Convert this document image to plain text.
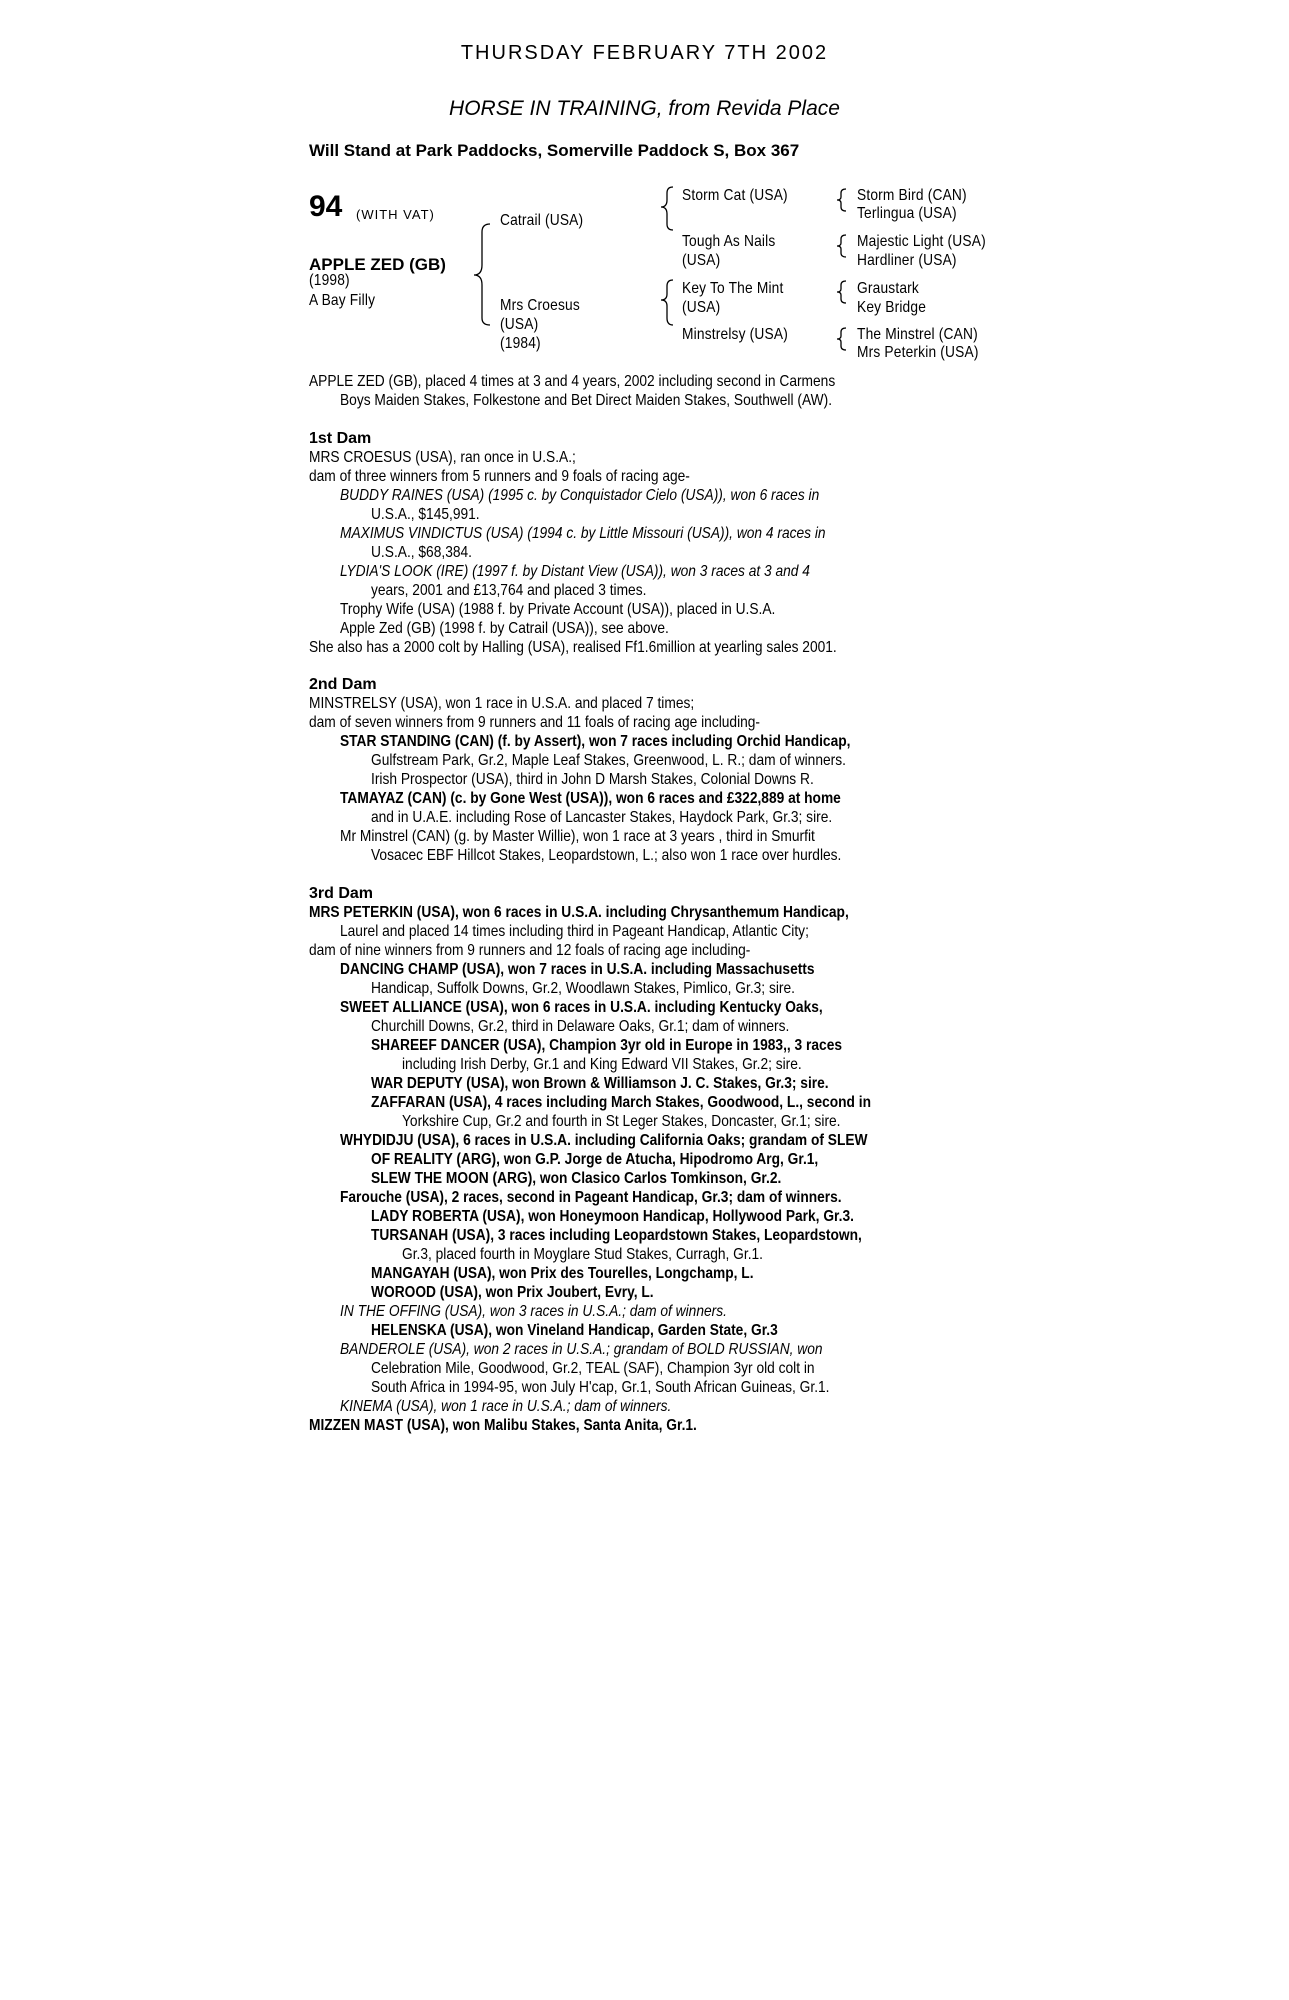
THURSDAY FEBRUARY 7TH 2002
HORSE IN TRAINING, from Revida Place
Will Stand at Park Paddocks, Somerville Paddock S, Box 367
94 (WITH VAT)
APPLE ZED (GB)
(1998)
A Bay Filly
Catrail (USA)
Mrs Croesus
(USA)
(1984)
Storm Cat (USA)
Tough As Nails
(USA)
Key To The Mint
(USA)
Minstrelsy (USA)
Storm Bird (CAN)
Terlingua (USA)
Majestic Light (USA)
Hardliner (USA)
Graustark
Key Bridge
The Minstrel (CAN)
Mrs Peterkin (USA)
APPLE ZED (GB), placed 4 times at 3 and 4 years, 2002 including second in Carmens
Boys Maiden Stakes, Folkestone and Bet Direct Maiden Stakes, Southwell (AW).
1st Dam
MRS CROESUS (USA), ran once in U.S.A.;
dam of three winners from 5 runners and 9 foals of racing age-
BUDDY RAINES (USA) (1995 c. by Conquistador Cielo (USA)), won 6 races in
U.S.A., $145,991.
MAXIMUS VINDICTUS (USA) (1994 c. by Little Missouri (USA)), won 4 races in
U.S.A., $68,384.
LYDIA'S LOOK (IRE) (1997 f. by Distant View (USA)), won 3 races at 3 and 4
years, 2001 and £13,764 and placed 3 times.
Trophy Wife (USA) (1988 f. by Private Account (USA)), placed in U.S.A.
Apple Zed (GB) (1998 f. by Catrail (USA)), see above.
She also has a 2000 colt by Halling (USA), realised Ff1.6million at yearling sales 2001.
2nd Dam
MINSTRELSY (USA), won 1 race in U.S.A. and placed 7 times;
dam of seven winners from 9 runners and 11 foals of racing age including-
STAR STANDING (CAN) (f. by Assert), won 7 races including Orchid Handicap,
Gulfstream Park, Gr.2, Maple Leaf Stakes, Greenwood, L. R.; dam of winners.
Irish Prospector (USA), third in John D Marsh Stakes, Colonial Downs R.
TAMAYAZ (CAN) (c. by Gone West (USA)), won 6 races and £322,889 at home
and in U.A.E. including Rose of Lancaster Stakes, Haydock Park, Gr.3; sire.
Mr Minstrel (CAN) (g. by Master Willie), won 1 race at 3 years , third in Smurfit
Vosacec EBF Hillcot Stakes, Leopardstown, L.; also won 1 race over hurdles.
3rd Dam
MRS PETERKIN (USA), won 6 races in U.S.A. including Chrysanthemum Handicap,
Laurel and placed 14 times including third in Pageant Handicap, Atlantic City;
dam of nine winners from 9 runners and 12 foals of racing age including-
DANCING CHAMP (USA), won 7 races in U.S.A. including Massachusetts
Handicap, Suffolk Downs, Gr.2, Woodlawn Stakes, Pimlico, Gr.3; sire.
SWEET ALLIANCE (USA), won 6 races in U.S.A. including Kentucky Oaks,
Churchill Downs, Gr.2, third in Delaware Oaks, Gr.1; dam of winners.
SHAREEF DANCER (USA), Champion 3yr old in Europe in 1983,, 3 races
including Irish Derby, Gr.1 and King Edward VII Stakes, Gr.2; sire.
WAR DEPUTY (USA), won Brown & Williamson J. C. Stakes, Gr.3; sire.
ZAFFARAN (USA), 4 races including March Stakes, Goodwood, L., second in
Yorkshire Cup, Gr.2 and fourth in St Leger Stakes, Doncaster, Gr.1; sire.
WHYDIDJU (USA), 6 races in U.S.A. including California Oaks; grandam of SLEW
OF REALITY (ARG), won G.P. Jorge de Atucha, Hipodromo Arg, Gr.1,
SLEW THE MOON (ARG), won Clasico Carlos Tomkinson, Gr.2.
Farouche (USA), 2 races, second in Pageant Handicap, Gr.3; dam of winners.
LADY ROBERTA (USA), won Honeymoon Handicap, Hollywood Park, Gr.3.
TURSANAH (USA), 3 races including Leopardstown Stakes, Leopardstown,
Gr.3, placed fourth in Moyglare Stud Stakes, Curragh, Gr.1.
MANGAYAH (USA), won Prix des Tourelles, Longchamp, L.
WOROOD (USA), won Prix Joubert, Evry, L.
IN THE OFFING (USA), won 3 races in U.S.A.; dam of winners.
HELENSKA (USA), won Vineland Handicap, Garden State, Gr.3
BANDEROLE (USA), won 2 races in U.S.A.; grandam of BOLD RUSSIAN, won
Celebration Mile, Goodwood, Gr.2, TEAL (SAF), Champion 3yr old colt in
South Africa in 1994-95, won July H'cap, Gr.1, South African Guineas, Gr.1.
KINEMA (USA), won 1 race in U.S.A.; dam of winners.
MIZZEN MAST (USA), won Malibu Stakes, Santa Anita, Gr.1.
